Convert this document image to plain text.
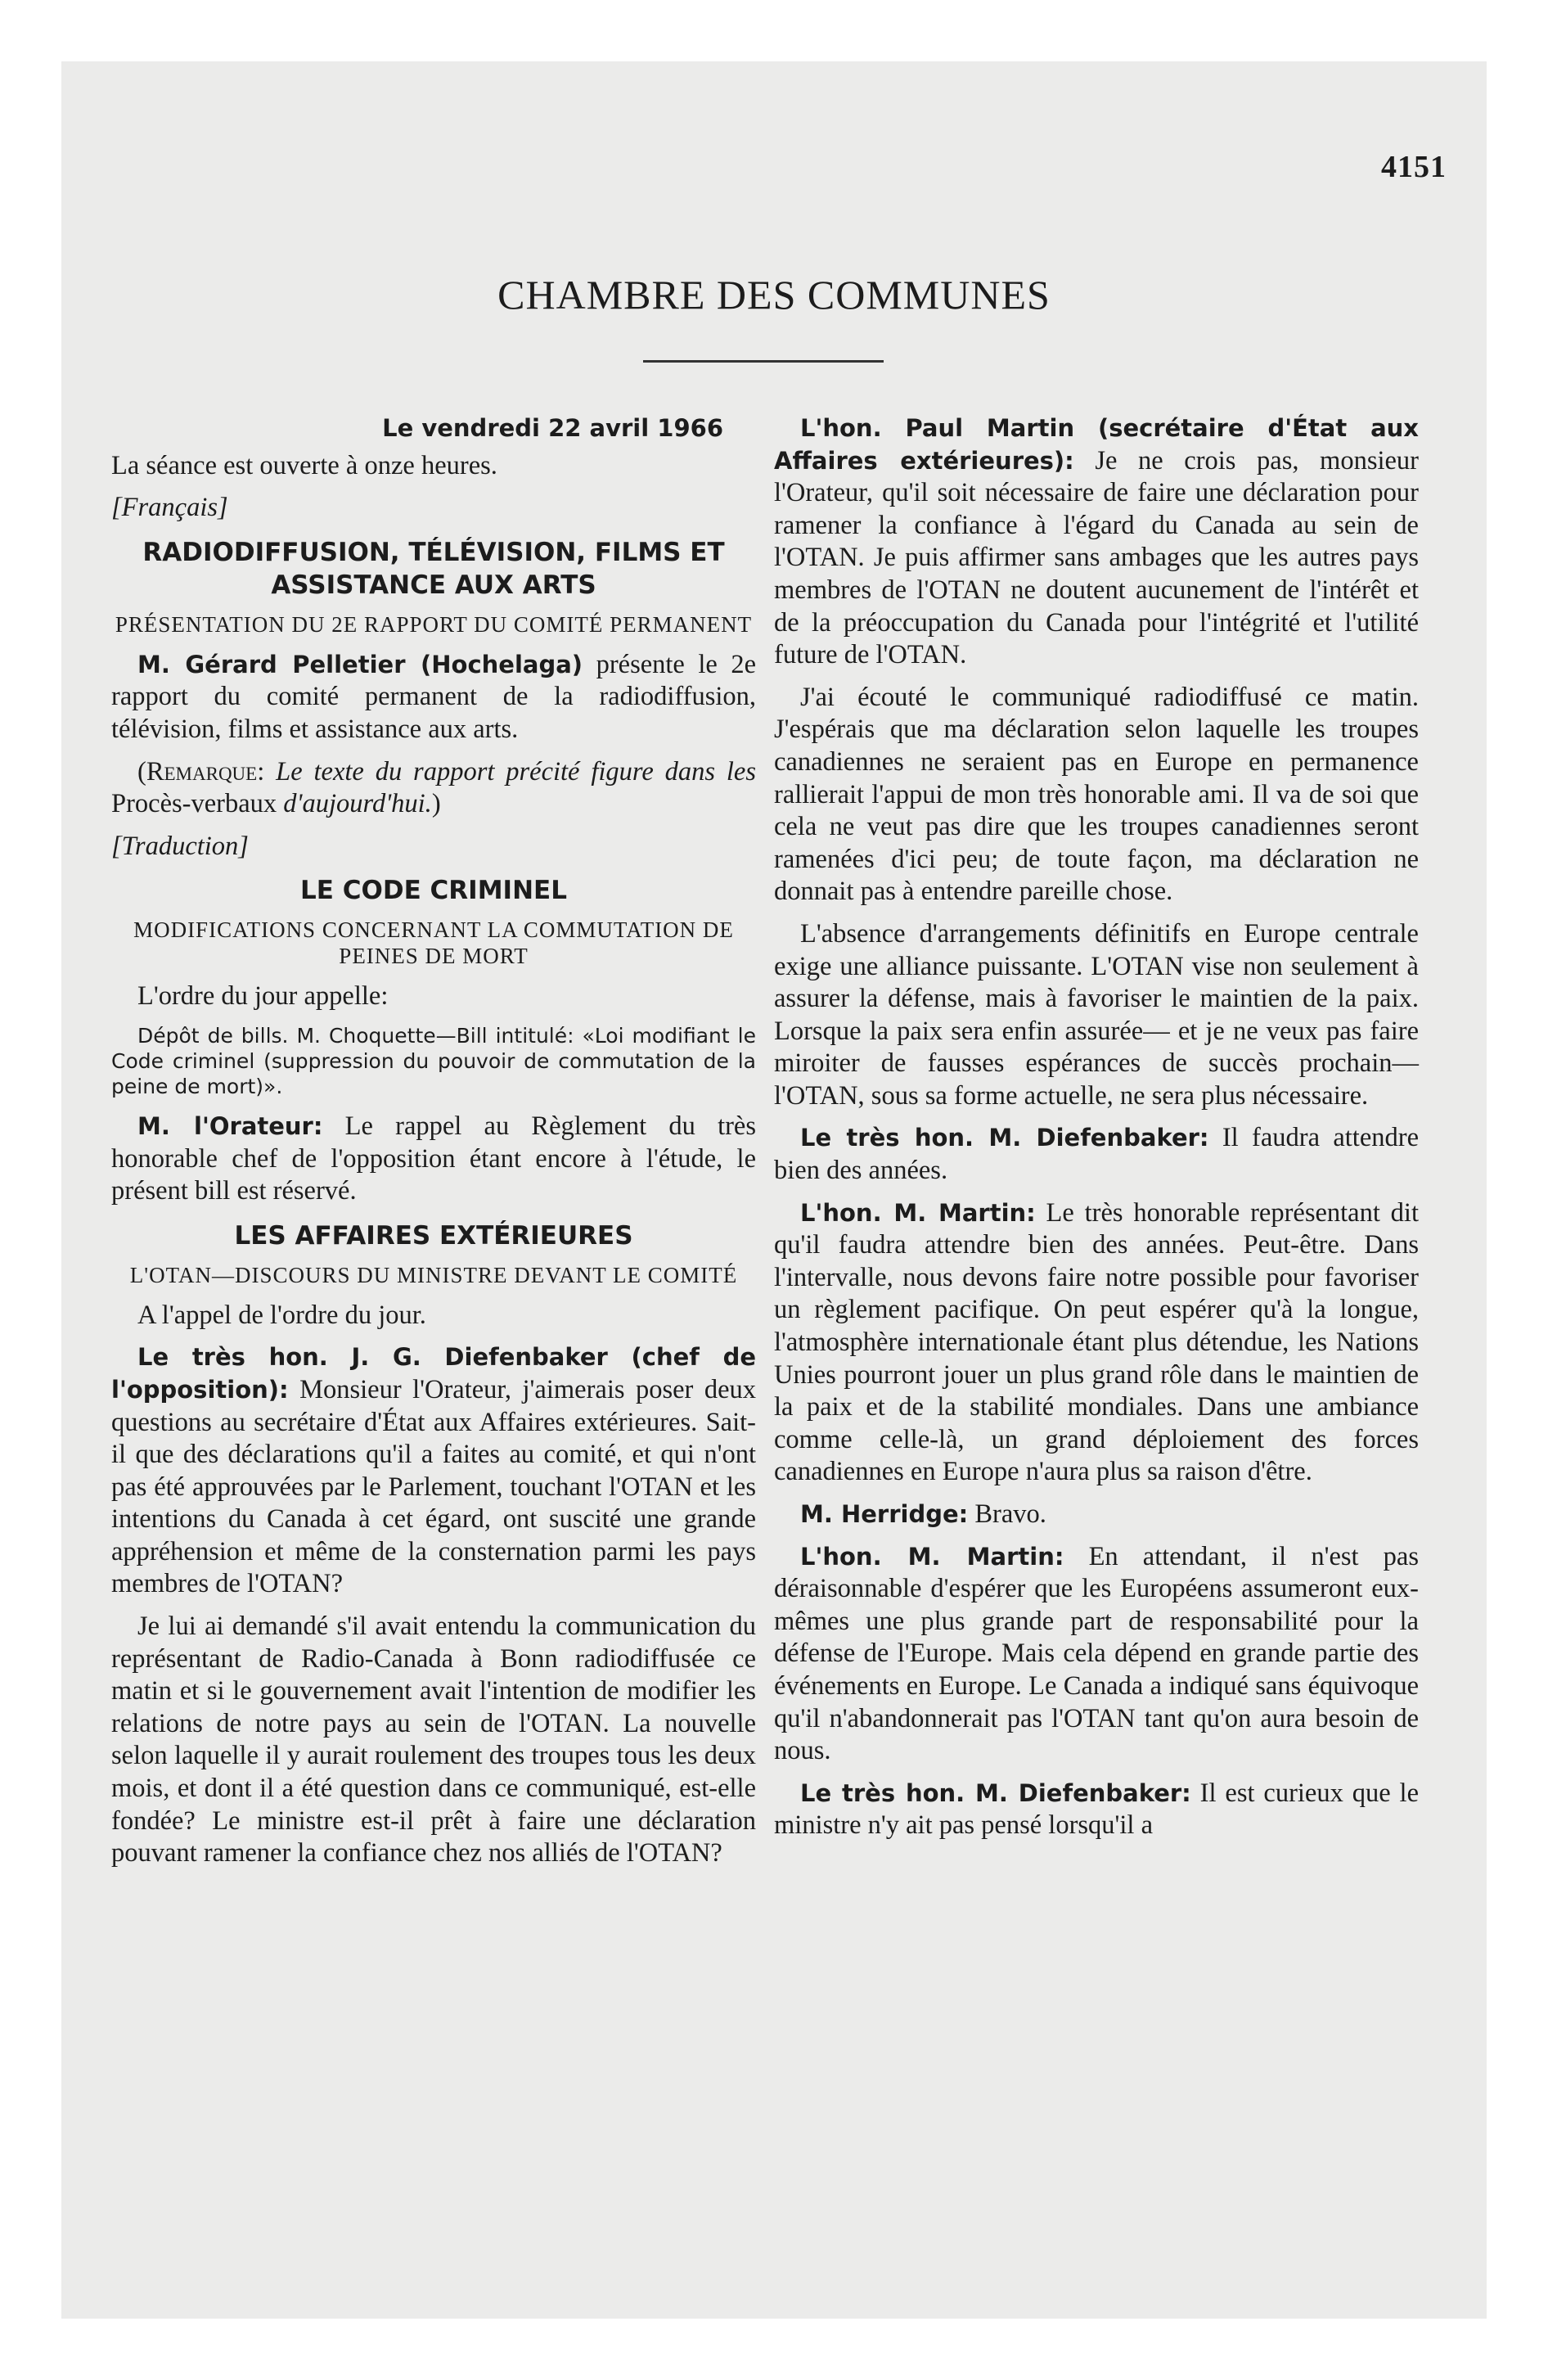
4151
CHAMBRE DES COMMUNES
Le vendredi 22 avril 1966

La séance est ouverte à onze heures.

[Français]
RADIODIFFUSION, TÉLÉVISION, FILMS ET ASSISTANCE AUX ARTS
PRÉSENTATION DU 2E RAPPORT DU COMITÉ PERMANENT

M. Gérard Pelletier (Hochelaga) présente le 2e rapport du comité permanent de la radiodiffusion, télévision, films et assistance aux arts.

(Remarque: Le texte du rapport précité figure dans les Procès-verbaux d'aujourd'hui.)

[Traduction]
LE CODE CRIMINEL
MODIFICATIONS CONCERNANT LA COMMUTATION DE PEINES DE MORT

L'ordre du jour appelle:

Dépôt de bills. M. Choquette—Bill intitulé: «Loi modifiant le Code criminel (suppression du pouvoir de commutation de la peine de mort)».

M. l'Orateur: Le rappel au Règlement du très honorable chef de l'opposition étant encore à l'étude, le présent bill est réservé.

LES AFFAIRES EXTÉRIEURES
L'OTAN—DISCOURS DU MINISTRE DEVANT LE COMITÉ

A l'appel de l'ordre du jour.

Le très hon. J. G. Diefenbaker (chef de l'opposition): Monsieur l'Orateur, j'aimerais poser deux questions au secrétaire d'État aux Affaires extérieures. Sait-il que des déclarations qu'il a faites au comité, et qui n'ont pas été approuvées par le Parlement, touchant l'OTAN et les intentions du Canada à cet égard, ont suscité une grande appréhension et même de la consternation parmi les pays membres de l'OTAN?

Je lui ai demandé s'il avait entendu la communication du représentant de Radio-Canada à Bonn radiodiffusée ce matin et si le gouvernement avait l'intention de modifier les relations de notre pays au sein de l'OTAN. La nouvelle selon laquelle il y aurait roulement des troupes tous les deux mois, et dont il a été question dans ce communiqué, est-elle fondée? Le ministre est-il prêt à faire une déclaration pouvant ramener la confiance chez nos alliés de l'OTAN?

L'hon. Paul Martin (secrétaire d'État aux Affaires extérieures): Je ne crois pas, monsieur l'Orateur, qu'il soit nécessaire de faire une déclaration pour ramener la confiance à l'égard du Canada au sein de l'OTAN. Je puis affirmer sans ambages que les autres pays membres de l'OTAN ne doutent aucunement de l'intérêt et de la préoccupation du Canada pour l'intégrité et l'utilité future de l'OTAN.

J'ai écouté le communiqué radiodiffusé ce matin. J'espérais que ma déclaration selon laquelle les troupes canadiennes ne seraient pas en Europe en permanence rallierait l'appui de mon très honorable ami. Il va de soi que cela ne veut pas dire que les troupes canadiennes seront ramenées d'ici peu; de toute façon, ma déclaration ne donnait pas à entendre pareille chose.

L'absence d'arrangements définitifs en Europe centrale exige une alliance puissante. L'OTAN vise non seulement à assurer la défense, mais à favoriser le maintien de la paix. Lorsque la paix sera enfin assurée— et je ne veux pas faire miroiter de fausses espérances de succès prochain—l'OTAN, sous sa forme actuelle, ne sera plus nécessaire.

Le très hon. M. Diefenbaker: Il faudra attendre bien des années.

L'hon. M. Martin: Le très honorable représentant dit qu'il faudra attendre bien des années. Peut-être. Dans l'intervalle, nous devons faire notre possible pour favoriser un règlement pacifique. On peut espérer qu'à la longue, l'atmosphère internationale étant plus détendue, les Nations Unies pourront jouer un plus grand rôle dans le maintien de la paix et de la stabilité mondiales. Dans une ambiance comme celle-là, un grand déploiement des forces canadiennes en Europe n'aura plus sa raison d'être.

M. Herridge: Bravo.

L'hon. M. Martin: En attendant, il n'est pas déraisonnable d'espérer que les Européens assumeront eux-mêmes une plus grande part de responsabilité pour la défense de l'Europe. Mais cela dépend en grande partie des événements en Europe. Le Canada a indiqué sans équivoque qu'il n'abandonnerait pas l'OTAN tant qu'on aura besoin de nous.

Le très hon. M. Diefenbaker: Il est curieux que le ministre n'y ait pas pensé lorsqu'il a
